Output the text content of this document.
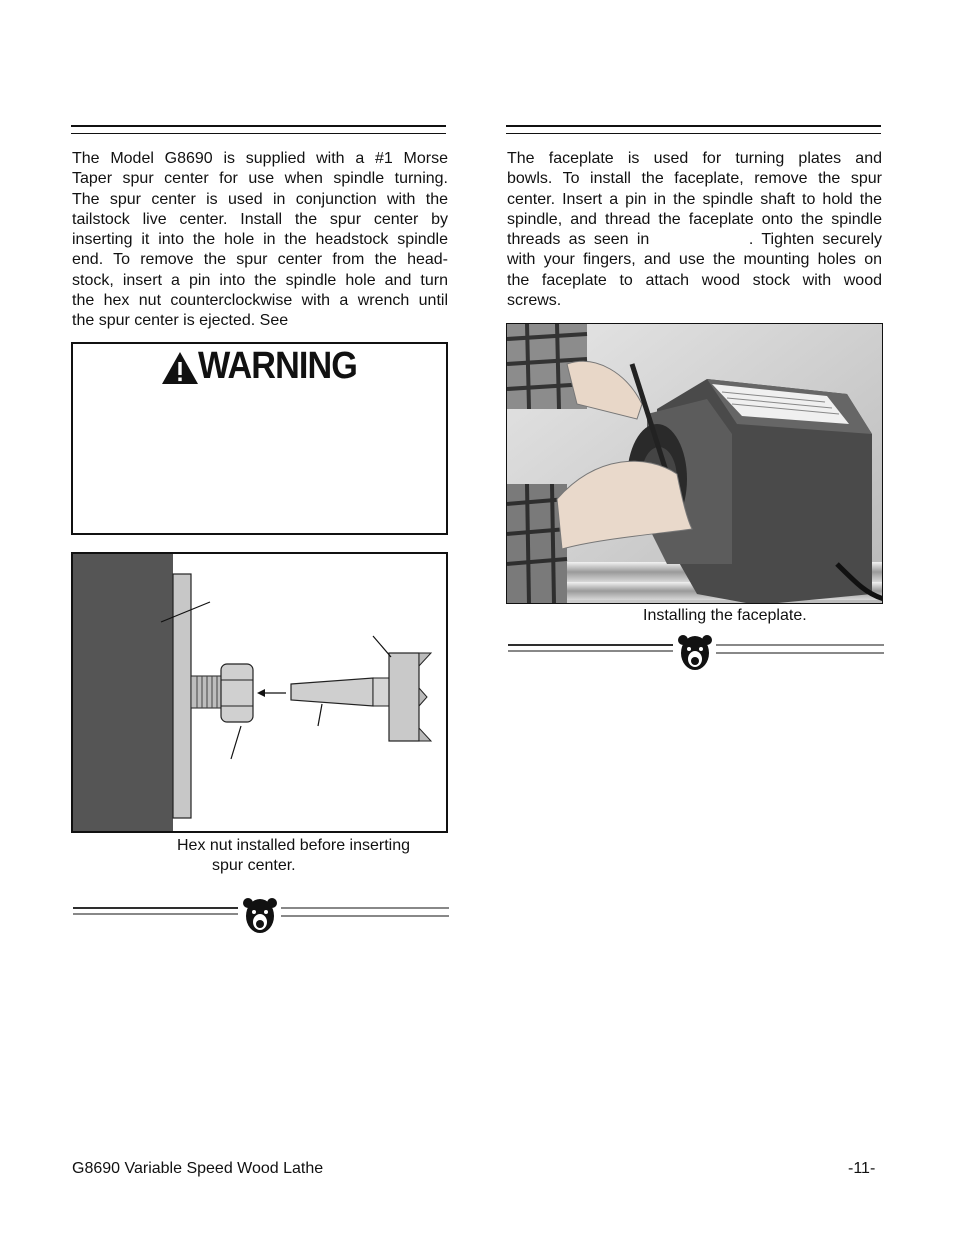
The Model G8690 is supplied with a #1 Morse
Taper spur center for use when spindle turning.
The spur center is used in conjunction with the
tailstock live center. Install the spur center by
inserting it into the hole in the headstock spindle
end. To remove the spur center from the head-
stock, insert a pin into the spindle hole and turn
the hex nut counterclockwise with a wrench until
the spur center is ejected. See
WARNING
Hex nut installed before inserting
spur center.
The faceplate is used for turning plates and
bowls. To install the faceplate, remove the spur
center. Insert a pin in the spindle shaft to hold the
spindle, and thread the faceplate onto the spindle
threads as seen in            . Tighten securely
with your fingers, and use the mounting holes on
the faceplate to attach wood stock with wood
screws.
Installing the faceplate.
G8690 Variable Speed Wood Lathe	-11-
